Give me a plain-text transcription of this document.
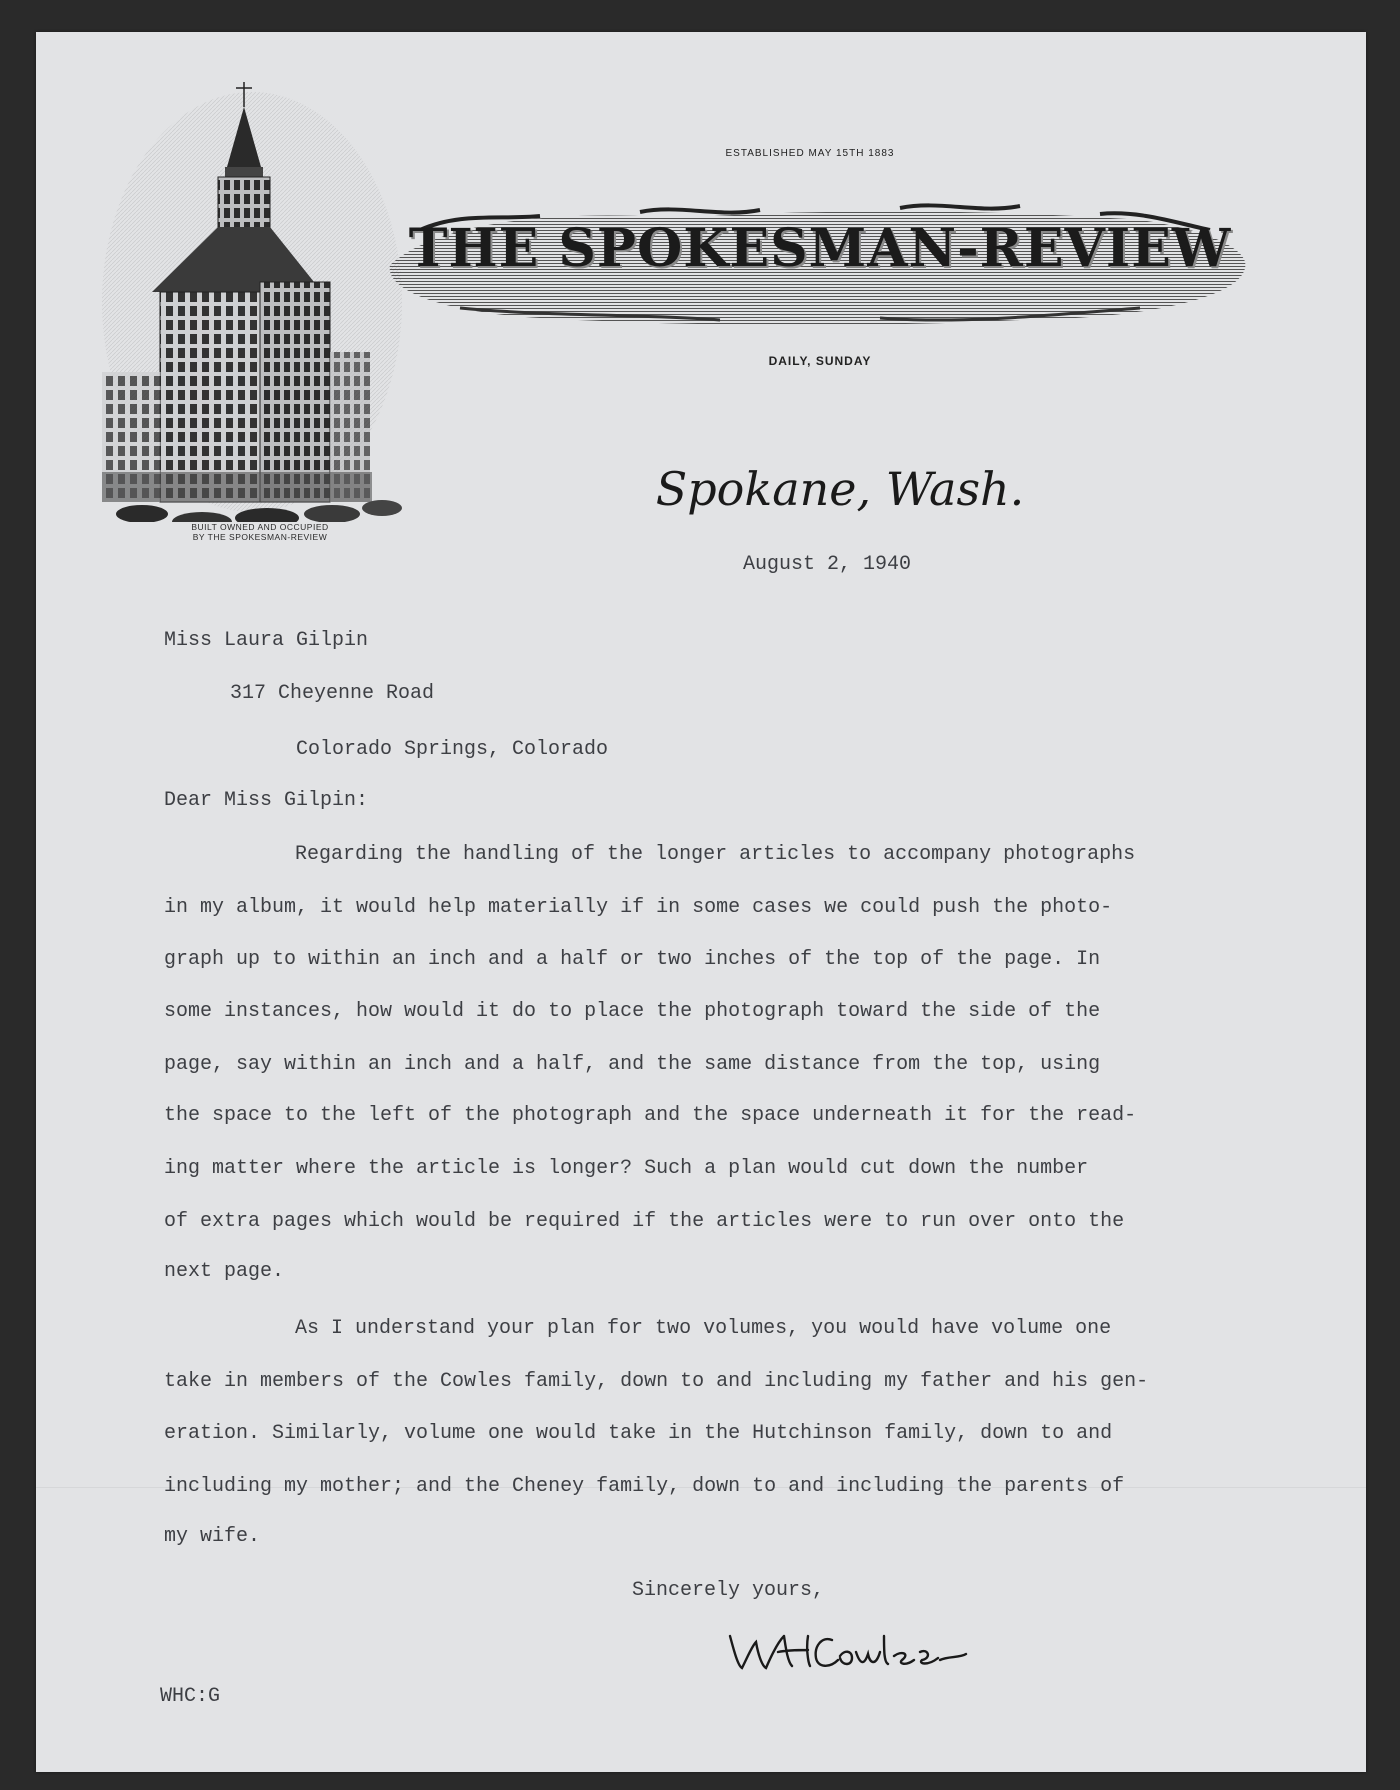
BUILT OWNED AND OCCUPIED
BY THE SPOKESMAN-REVIEW
ESTABLISHED MAY 15TH 1883
THE SPOKESMAN-REVIEW
DAILY, SUNDAY
Spokane, Wash.
August 2, 1940
Miss Laura Gilpin
317 Cheyenne Road
Colorado Springs, Colorado
Dear Miss Gilpin:
Regarding the handling of the longer articles to accompany photographs
in my album, it would help materially if in some cases we could push the photo-
graph up to within an inch and a half or two inches of the top of the page. In
some instances, how would it do to place the photograph toward the side of the
page, say within an inch and a half, and the same distance from the top, using
the space to the left of the photograph and the space underneath it for the read-
ing matter where the article is longer? Such a plan would cut down the number
of extra pages which would be required if the articles were to run over onto the
next page.
As I understand your plan for two volumes, you would have volume one
take in members of the Cowles family, down to and including my father and his gen-
eration. Similarly, volume one would take in the Hutchinson family, down to and
including my mother; and the Cheney family, down to and including the parents of
my wife.
Sincerely yours,
WHC:G
